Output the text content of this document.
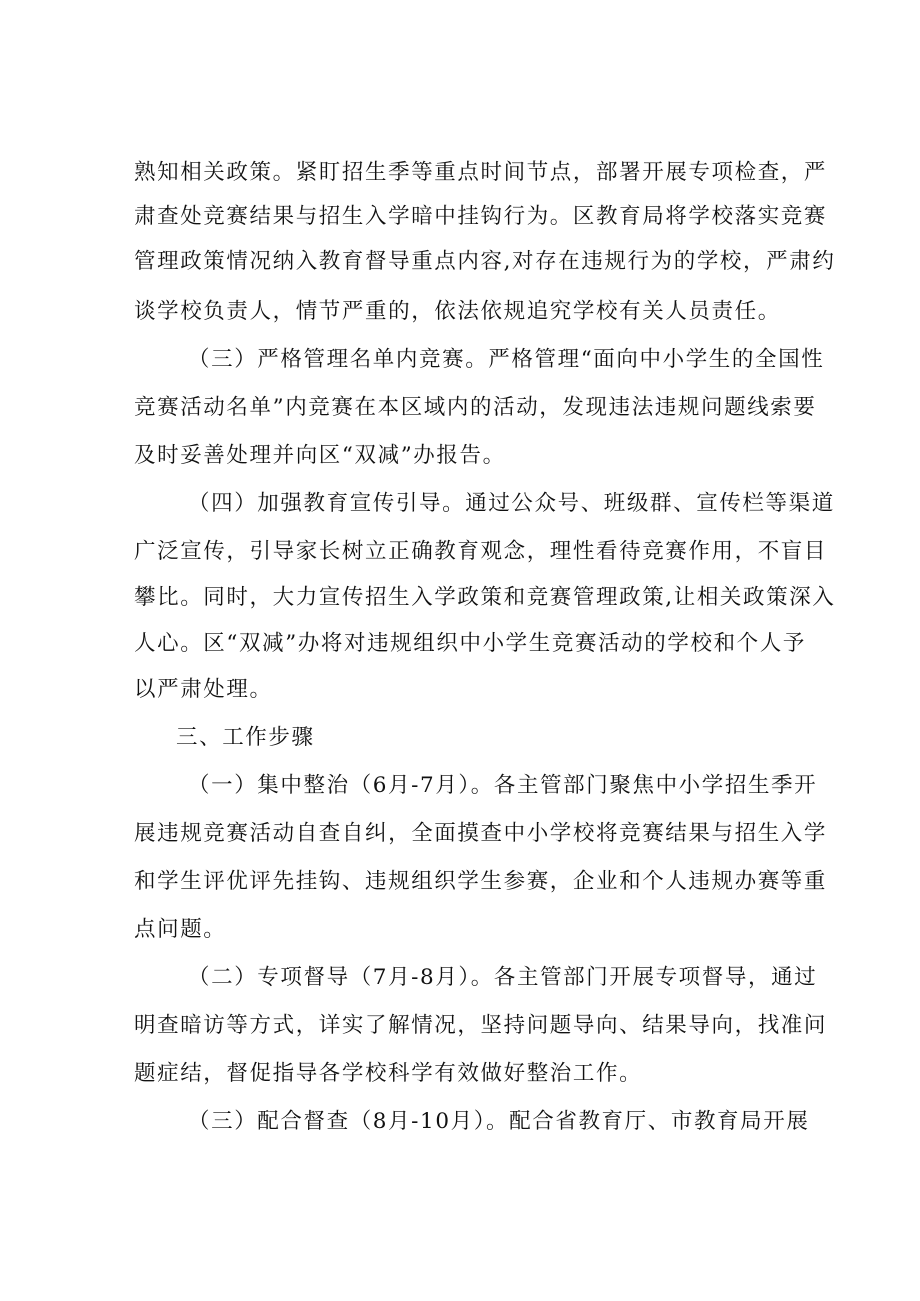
熟知相关政策。紧盯招生季等重点时间节点，部署开展专项检查，严
肃查处竞赛结果与招生入学暗中挂钩行为。区教育局将学校落实竞赛
管理政策情况纳入教育督导重点内容,对存在违规行为的学校，严肃约
谈学校负责人，情节严重的，依法依规追究学校有关人员责任。
（三）严格管理名单内竞赛。严格管理“面向中小学生的全国性
竞赛活动名单”内竞赛在本区域内的活动，发现违法违规问题线索要
及时妥善处理并向区“双减”办报告。
（四）加强教育宣传引导。通过公众号、班级群、宣传栏等渠道
广泛宣传，引导家长树立正确教育观念，理性看待竞赛作用，不盲目
攀比。同时，大力宣传招生入学政策和竞赛管理政策,让相关政策深入
人心。区“双减”办将对违规组织中小学生竞赛活动的学校和个人予
以严肃处理。
三、工作步骤
（一）集中整治（6月-7月）。各主管部门聚焦中小学招生季开
展违规竞赛活动自查自纠，全面摸查中小学校将竞赛结果与招生入学
和学生评优评先挂钩、违规组织学生参赛，企业和个人违规办赛等重
点问题。
（二）专项督导（7月-8月）。各主管部门开展专项督导，通过
明查暗访等方式，详实了解情况，坚持问题导向、结果导向，找准问
题症结，督促指导各学校科学有效做好整治工作。
（三）配合督查（8月-10月）。配合省教育厅、市教育局开展
